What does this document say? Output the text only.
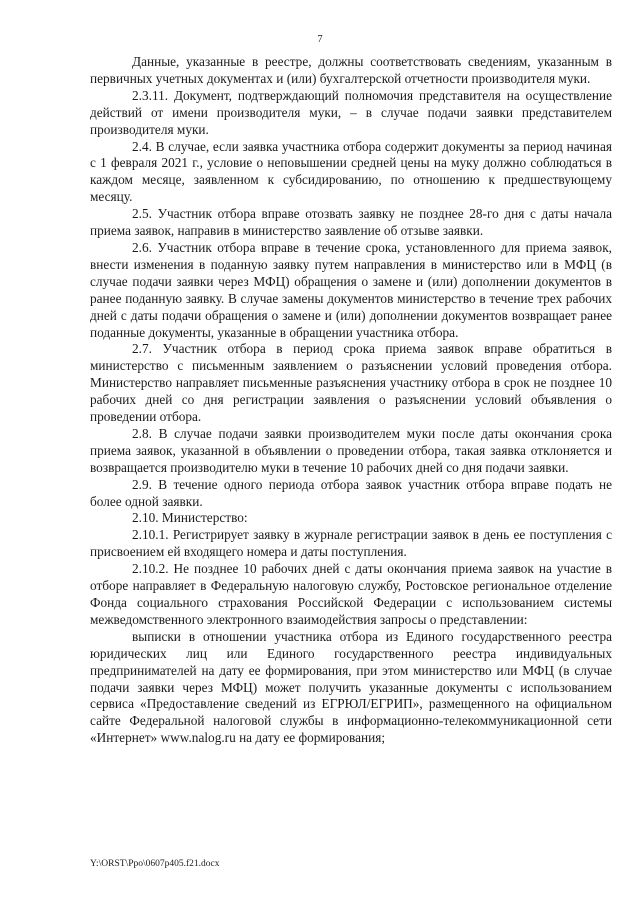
7

Данные, указанные в реестре, должны соответствовать сведениям, указанным в первичных учетных документах и (или) бухгалтерской отчетности производителя муки.

2.3.11. Документ, подтверждающий полномочия представителя на осуществление действий от имени производителя муки, – в случае подачи заявки представителем производителя муки.

2.4. В случае, если заявка участника отбора содержит документы за период начиная с 1 февраля 2021 г., условие о неповышении средней цены на муку должно соблюдаться в каждом месяце, заявленном к субсидированию, по отношению к предшествующему месяцу.

2.5. Участник отбора вправе отозвать заявку не позднее 28-го дня с даты начала приема заявок, направив в министерство заявление об отзыве заявки.

2.6. Участник отбора вправе в течение срока, установленного для приема заявок, внести изменения в поданную заявку путем направления в министерство или в МФЦ (в случае подачи заявки через МФЦ) обращения о замене и (или) дополнении документов в ранее поданную заявку. В случае замены документов министерство в течение трех рабочих дней с даты подачи обращения о замене и (или) дополнении документов возвращает ранее поданные документы, указанные в обращении участника отбора.

2.7. Участник отбора в период срока приема заявок вправе обратиться в министерство с письменным заявлением о разъяснении условий проведения отбора. Министерство направляет письменные разъяснения участнику отбора в срок не позднее 10 рабочих дней со дня регистрации заявления о разъяснении условий объявления о проведении отбора.

2.8. В случае подачи заявки производителем муки после даты окончания срока приема заявок, указанной в объявлении о проведении отбора, такая заявка отклоняется и возвращается производителю муки в течение 10 рабочих дней со дня подачи заявки.

2.9. В течение одного периода отбора заявок участник отбора вправе подать не более одной заявки.

2.10. Министерство:

2.10.1. Регистрирует заявку в журнале регистрации заявок в день ее поступления с присвоением ей входящего номера и даты поступления.

2.10.2. Не позднее 10 рабочих дней с даты окончания приема заявок на участие в отборе направляет в Федеральную налоговую службу, Ростовское региональное отделение Фонда социального страхования Российской Федерации с использованием системы межведомственного электронного взаимодействия запросы о представлении:

выписки в отношении участника отбора из Единого государственного реестра юридических лиц или Единого государственного реестра индивидуальных предпринимателей на дату ее формирования, при этом министерство или МФЦ (в случае подачи заявки через МФЦ) может получить указанные документы с использованием сервиса «Предоставление сведений из ЕГРЮЛ/ЕГРИП», размещенного на официальном сайте Федеральной налоговой службы в информационно-телекоммуникационной сети «Интернет» www.nalog.ru на дату ее формирования;

Y:\ORST\Ppo\0607p405.f21.docx
